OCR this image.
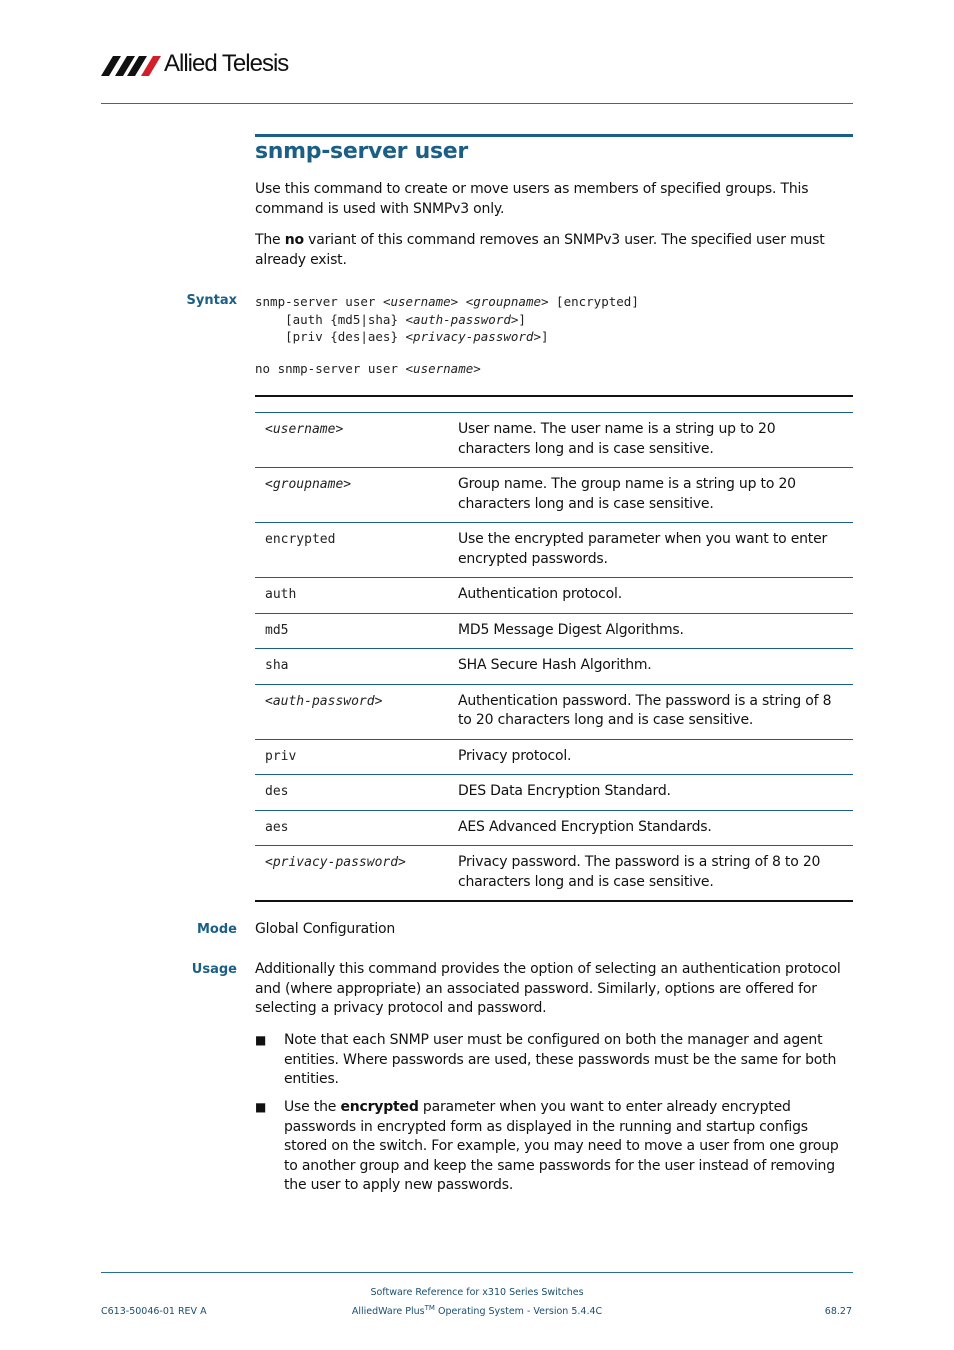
Allied Telesis
snmp-server user
Use this command to create or move users as members of specified groups. This command is used with SNMPv3 only.
The no variant of this command removes an SNMPv3 user. The specified user must already exist.
Syntax snmp-server user <username> <groupname> [encrypted]
[auth {md5|sha} <auth-password>]
[priv {des|aes} <privacy-password>]
no snmp-server user <username>

<username>	User name. The user name is a string up to 20 characters long and is case sensitive.
<groupname>	Group name. The group name is a string up to 20 characters long and is case sensitive.
encrypted	Use the encrypted parameter when you want to enter encrypted passwords.
auth	Authentication protocol.
md5	MD5 Message Digest Algorithms.
sha	SHA Secure Hash Algorithm.
<auth-password>	Authentication password. The password is a string of 8 to 20 characters long and is case sensitive.
priv	Privacy protocol.
des	DES Data Encryption Standard.
aes	AES Advanced Encryption Standards.
<privacy-password>	Privacy password. The password is a string of 8 to 20 characters long and is case sensitive.
Mode Global Configuration
Usage Additionally this command provides the option of selecting an authentication protocol and (where appropriate) an associated password. Similarly, options are offered for selecting a privacy protocol and password.
■ Note that each SNMP user must be configured on both the manager and agent entities. Where passwords are used, these passwords must be the same for both entities.
■ Use the encrypted parameter when you want to enter already encrypted passwords in encrypted form as displayed in the running and startup configs stored on the switch. For example, you may need to move a user from one group to another group and keep the same passwords for the user instead of removing the user to apply new passwords.
C613-50046-01 REV A
Software Reference for x310 Series Switches
AlliedWare Plus™ Operating System - Version 5.4.4C	68.27
